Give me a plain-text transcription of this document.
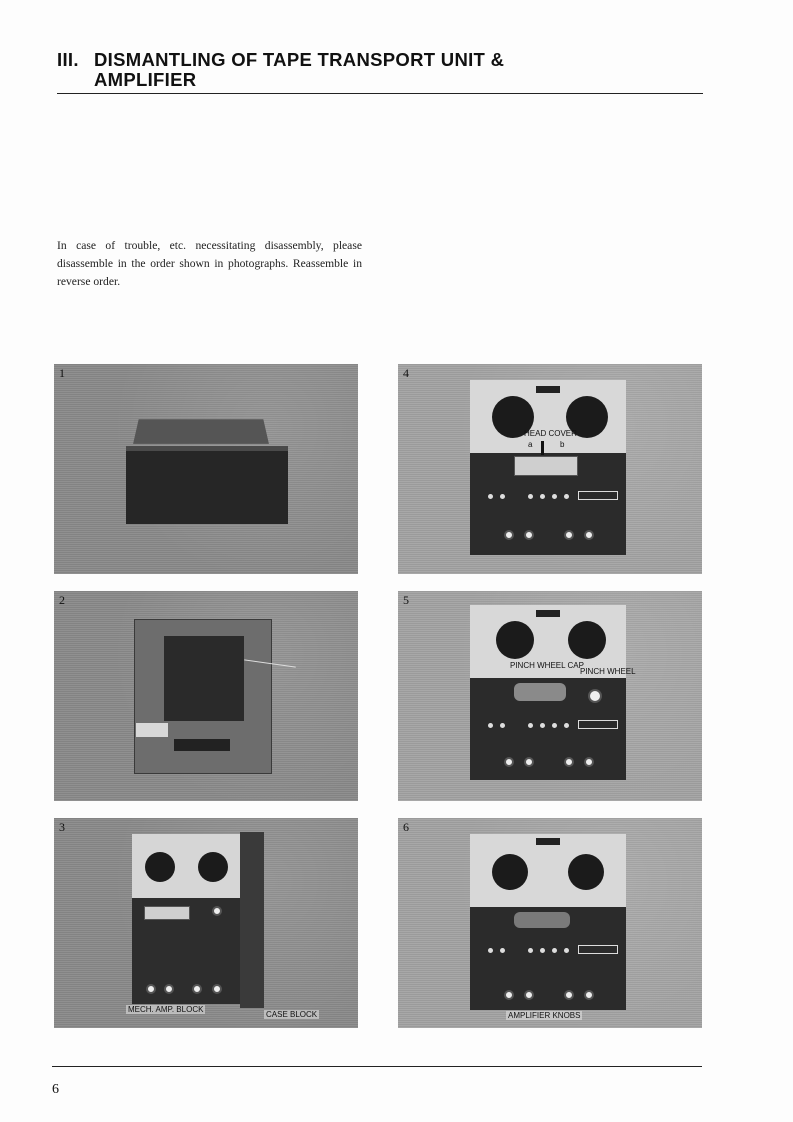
III. DISMANTLING OF TAPE TRANSPORT UNIT &
AMPLIFIER
In case of trouble, etc. necessitating disassembly, please disassemble in the order shown in photographs. Reassemble in reverse order.
1
2
3
MECH. AMP. BLOCK
CASE BLOCK
4
HEAD COVER
a	b
5
PINCH WHEEL CAP
PINCH WHEEL
6
AMPLIFIER KNOBS
6
